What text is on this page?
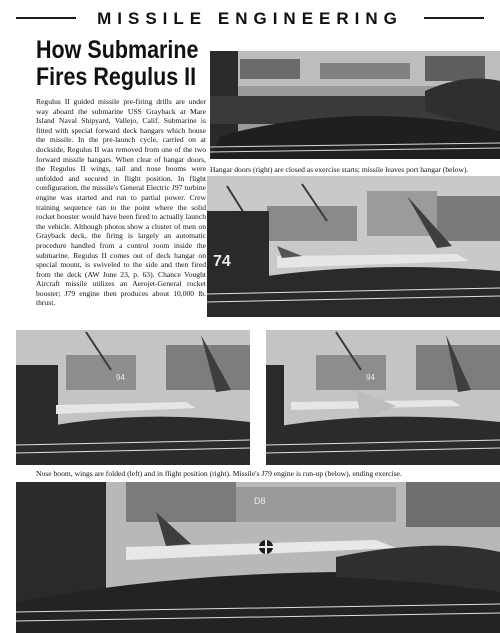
MISSILE ENGINEERING
How Submarine
Fires Regulus II
Regulus II guided missile pre-firing drills are under way aboard the submarine USS Grayback at Mare Island Naval Shipyard, Vallejo, Calif. Submarine is fitted with special forward deck hangars which house the missile. In the pre-launch cycle, carried on at dockside, Regulus II was removed from one of the two forward missile hangars. When clear of hangar doors, the Regulus II wings, tail and nose booms were unfolded and secured in flight position. In flight configuration, the missile's General Electric J97 turbine engine was started and run to partial power. Crew training sequence ran to the point where the solid rocket booster would have been fired to actually launch the vehicle. Although photos show a cluster of men on Grayback deck, the firing is largely an automatic procedure handled from a control room inside the submarine. Regulus II comes out of deck hangar on special mount, is swiveled to the side and then fired from the deck (AW June 23, p. 63). Chance Vought Aircraft missile utilizes an Aerojet-General rocket booster; J79 engine then produces about 10,000 lb. thrust.
Hangar doors (right) are closed as exercise starts; missile leaves port hangar (below).
74
94	94
Nose boom, wings are folded (left) and in flight position (right). Missile's J79 engine is run-up (below), ending exercise.
D8
